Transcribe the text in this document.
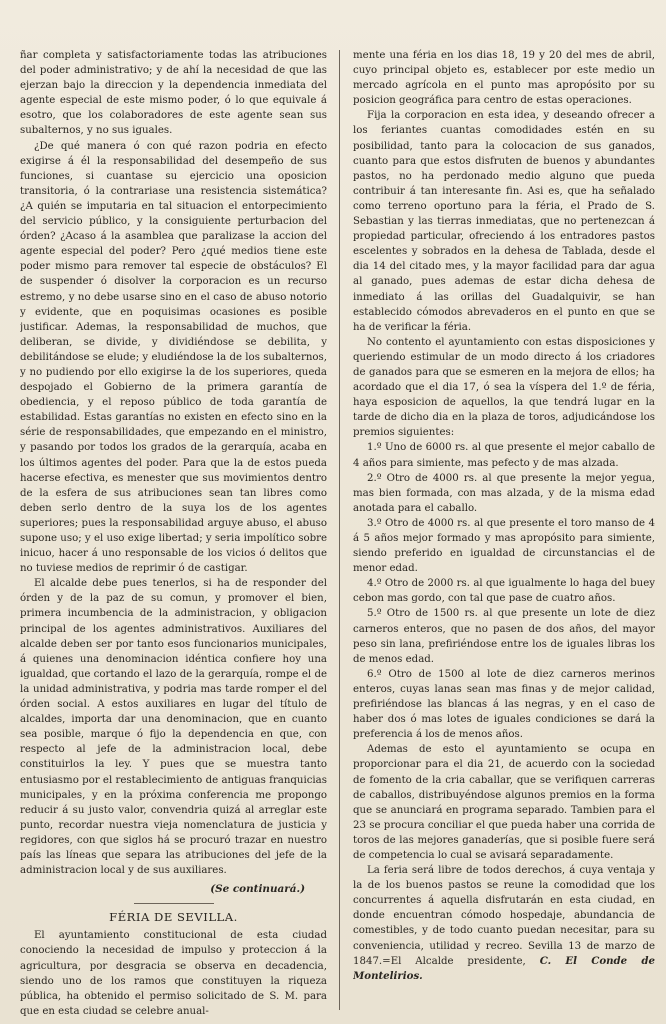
ñar completa y satisfactoriamente todas las atribuciones del poder administrativo; y de ahí la necesidad de que las ejerzan bajo la direccion y la dependencia inmediata del agente especial de este mismo poder, ó lo que equivale á esotro, que los colaboradores de este agente sean sus subalternos, y no sus iguales.

¿De qué manera ó con qué razon podria en efecto exigirse á él la responsabilidad del desempeño de sus funciones, si cuantase su ejercicio una oposicion transitoria, ó la contrariase una resistencia sistemática? ¿A quién se imputaria en tal situacion el entorpecimiento del servicio público, y la consiguiente perturbacion del órden? ¿Acaso á la asamblea que paralizase la accion del agente especial del poder? Pero ¿qué medios tiene este poder mismo para remover tal especie de obstáculos? El de suspender ó disolver la corporacion es un recurso estremo, y no debe usarse sino en el caso de abuso notorio y evidente, que en poquisimas ocasiones es posible justificar. Ademas, la responsabilidad de muchos, que deliberan, se divide, y dividiéndose se debilita, y debilitándose se elude; y eludiéndose la de los subalternos, y no pudiendo por ello exigirse la de los superiores, queda despojado el Gobierno de la primera garantía de obediencia, y el reposo público de toda garantía de estabilidad. Estas garantías no existen en efecto sino en la série de responsabilidades, que empezando en el ministro, y pasando por todos los grados de la gerarquía, acaba en los últimos agentes del poder. Para que la de estos pueda hacerse efectiva, es menester que sus movimientos dentro de la esfera de sus atribuciones sean tan libres como deben serlo dentro de la suya los de los agentes superiores; pues la responsabilidad arguye abuso, el abuso supone uso; y el uso exige libertad; y seria impolítico sobre inicuo, hacer á uno responsable de los vicios ó delitos que no tuviese medios de reprimir ó de castigar.

El alcalde debe pues tenerlos, si ha de responder del órden y de la paz de su comun, y promover el bien, primera incumbencia de la administracion, y obligacion principal de los agentes administrativos. Auxiliares del alcalde deben ser por tanto esos funcionarios municipales, á quienes una denominacion idéntica confiere hoy una igualdad, que cortando el lazo de la gerarquía, rompe el de la unidad administrativa, y podria mas tarde romper el del órden social. A estos auxiliares en lugar del título de alcaldes, importa dar una denominacion, que en cuanto sea posible, marque ó fijo la dependencia en que, con respecto al jefe de la administracion local, debe constituirlos la ley. Y pues que se muestra tanto entusiasmo por el restablecimiento de antiguas franquicias municipales, y en la próxima conferencia me propongo reducir á su justo valor, convendria quizá al arreglar este punto, recordar nuestra vieja nomenclatura de justicia y regidores, con que siglos há se procuró trazar en nuestro país las líneas que separa las atribuciones del jefe de la administracion local y de sus auxiliares.

(Se continuará.)
FÉRIA DE SEVILLA.

El ayuntamiento constitucional de esta ciudad conociendo la necesidad de impulso y proteccion á la agricultura, por desgracia se observa en decadencia, siendo uno de los ramos que constituyen la riqueza pública, ha obtenido el permiso solicitado de S. M. para que en esta ciudad se celebre anual-

mente una féria en los dias 18, 19 y 20 del mes de abril, cuyo principal objeto es, establecer por este medio un mercado agrícola en el punto mas apropósito por su posicion geográfica para centro de estas operaciones.

Fija la corporacion en esta idea, y deseando ofrecer a los feriantes cuantas comodidades estén en su posibilidad, tanto para la colocacion de sus ganados, cuanto para que estos disfruten de buenos y abundantes pastos, no ha perdonado medio alguno que pueda contribuir á tan interesante fin. Asi es, que ha señalado como terreno oportuno para la féria, el Prado de S. Sebastian y las tierras inmediatas, que no pertenezcan á propiedad particular, ofreciendo á los entradores pastos escelentes y sobrados en la dehesa de Tablada, desde el dia 14 del citado mes, y la mayor facilidad para dar agua al ganado, pues ademas de estar dicha dehesa de inmediato á las orillas del Guadalquivir, se han establecido cómodos abrevaderos en el punto en que se ha de verificar la féria.

No contento el ayuntamiento con estas disposiciones y queriendo estimular de un modo directo á los criadores de ganados para que se esmeren en la mejora de ellos; ha acordado que el dia 17, ó sea la víspera del 1.º de féria, haya esposicion de aquellos, la que tendrá lugar en la tarde de dicho dia en la plaza de toros, adjudicándose los premios siguientes:

1.º Uno de 6000 rs. al que presente el mejor caballo de 4 años para simiente, mas pefecto y de mas alzada.

2.º Otro de 4000 rs. al que presente la mejor yegua, mas bien formada, con mas alzada, y de la misma edad anotada para el caballo.

3.º Otro de 4000 rs. al que presente el toro manso de 4 á 5 años mejor formado y mas apropósito para simiente, siendo preferido en igualdad de circunstancias el de menor edad.

4.º Otro de 2000 rs. al que igualmente lo haga del buey cebon mas gordo, con tal que pase de cuatro años.

5.º Otro de 1500 rs. al que presente un lote de diez carneros enteros, que no pasen de dos años, del mayor peso sin lana, prefiriéndose entre los de iguales libras los de menos edad.

6.º Otro de 1500 al lote de diez carneros merinos enteros, cuyas lanas sean mas finas y de mejor calidad, prefiriéndose las blancas á las negras, y en el caso de haber dos ó mas lotes de iguales condiciones se dará la preferencia á los de menos años.

Ademas de esto el ayuntamiento se ocupa en proporcionar para el dia 21, de acuerdo con la sociedad de fomento de la cria caballar, que se verifiquen carreras de caballos, distribuyéndose algunos premios en la forma que se anunciará en programa separado. Tambien para el 23 se procura conciliar el que pueda haber una corrida de toros de las mejores ganaderías, que si posible fuere será de competencia lo cual se avisará separadamente.

La feria será libre de todos derechos, á cuya ventaja y la de los buenos pastos se reune la comodidad que los concurrentes á aquella disfrutarán en esta ciudad, en donde encuentran cómodo hospedaje, abundancia de comestibles, y de todo cuanto puedan necesitar, para su conveniencia, utilidad y recreo. Sevilla 13 de marzo de 1847.=El Alcalde presidente, C. El Conde de Montelirios.
